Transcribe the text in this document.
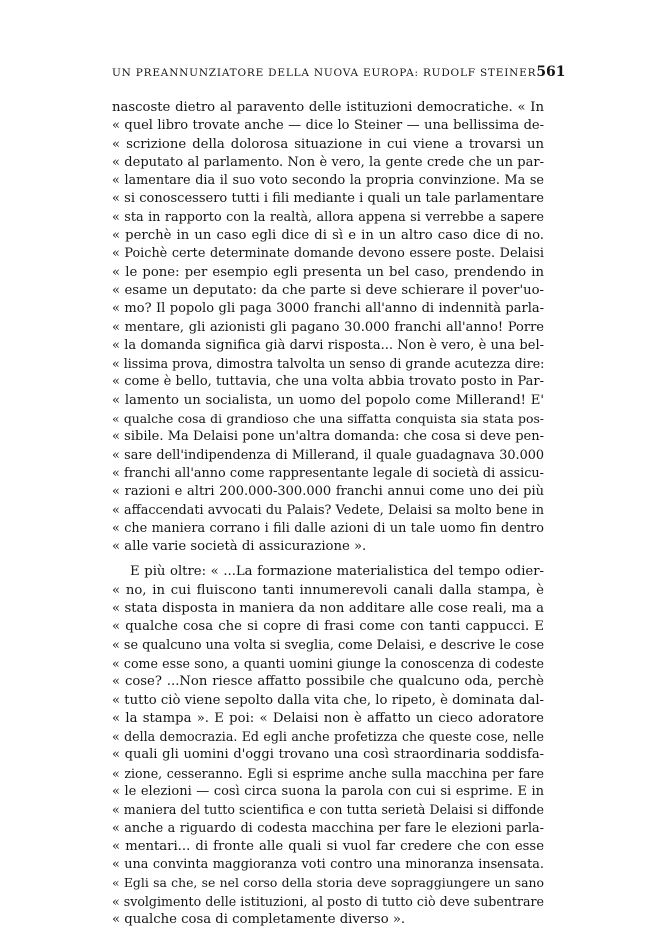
UN PREANNUNZIATORE DELLA NUOVA EUROPA: RUDOLF STEINER 561
nascoste dietro al paravento delle istituzioni democratiche. « In
« quel libro trovate anche — dice lo Steiner — una bellissima de-
« scrizione della dolorosa situazione in cui viene a trovarsi un
« deputato al parlamento. Non è vero, la gente crede che un par-
« lamentare dia il suo voto secondo la propria convinzione. Ma se
« si conoscessero tutti i fili mediante i quali un tale parlamentare
« sta in rapporto con la realtà, allora appena si verrebbe a sapere
« perchè in un caso egli dice di sì e in un altro caso dice di no.
« Poichè certe determinate domande devono essere poste. Delaisi
« le pone: per esempio egli presenta un bel caso, prendendo in
« esame un deputato: da che parte si deve schierare il pover'uo-
« mo? Il popolo gli paga 3000 franchi all'anno di indennità parla-
« mentare, gli azionisti gli pagano 30.000 franchi all'anno! Porre
« la domanda significa già darvi risposta... Non è vero, è una bel-
« lissima prova, dimostra talvolta un senso di grande acutezza dire:
« come è bello, tuttavia, che una volta abbia trovato posto in Par-
« lamento un socialista, un uomo del popolo come Millerand! E'
« qualche cosa di grandioso che una siffatta conquista sia stata pos-
« sibile. Ma Delaisi pone un'altra domanda: che cosa si deve pen-
« sare dell'indipendenza di Millerand, il quale guadagnava 30.000
« franchi all'anno come rappresentante legale di società di assicu-
« razioni e altri 200.000-300.000 franchi annui come uno dei più
« affaccendati avvocati du Palais? Vedete, Delaisi sa molto bene in
« che maniera corrano i fili dalle azioni di un tale uomo fin dentro
« alle varie società di assicurazione ».
E più oltre: « ...La formazione materialistica del tempo odier-
« no, in cui fluiscono tanti innumerevoli canali dalla stampa, è
« stata disposta in maniera da non additare alle cose reali, ma a
« qualche cosa che si copre di frasi come con tanti cappucci. E
« se qualcuno una volta si sveglia, come Delaisi, e descrive le cose
« come esse sono, a quanti uomini giunge la conoscenza di codeste
« cose? ...Non riesce affatto possibile che qualcuno oda, perchè
« tutto ciò viene sepolto dalla vita che, lo ripeto, è dominata dal-
« la stampa ». E poi: « Delaisi non è affatto un cieco adoratore
« della democrazia. Ed egli anche profetizza che queste cose, nelle
« quali gli uomini d'oggi trovano una così straordinaria soddisfa-
« zione, cesseranno. Egli si esprime anche sulla macchina per fare
« le elezioni — così circa suona la parola con cui si esprime. E in
« maniera del tutto scientifica e con tutta serietà Delaisi si diffonde
« anche a riguardo di codesta macchina per fare le elezioni parla-
« mentari... di fronte alle quali si vuol far credere che con esse
« una convinta maggioranza voti contro una minoranza insensata.
« Egli sa che, se nel corso della storia deve sopraggiungere un sano
« svolgimento delle istituzioni, al posto di tutto ciò deve subentrare
« qualche cosa di completamente diverso ».
